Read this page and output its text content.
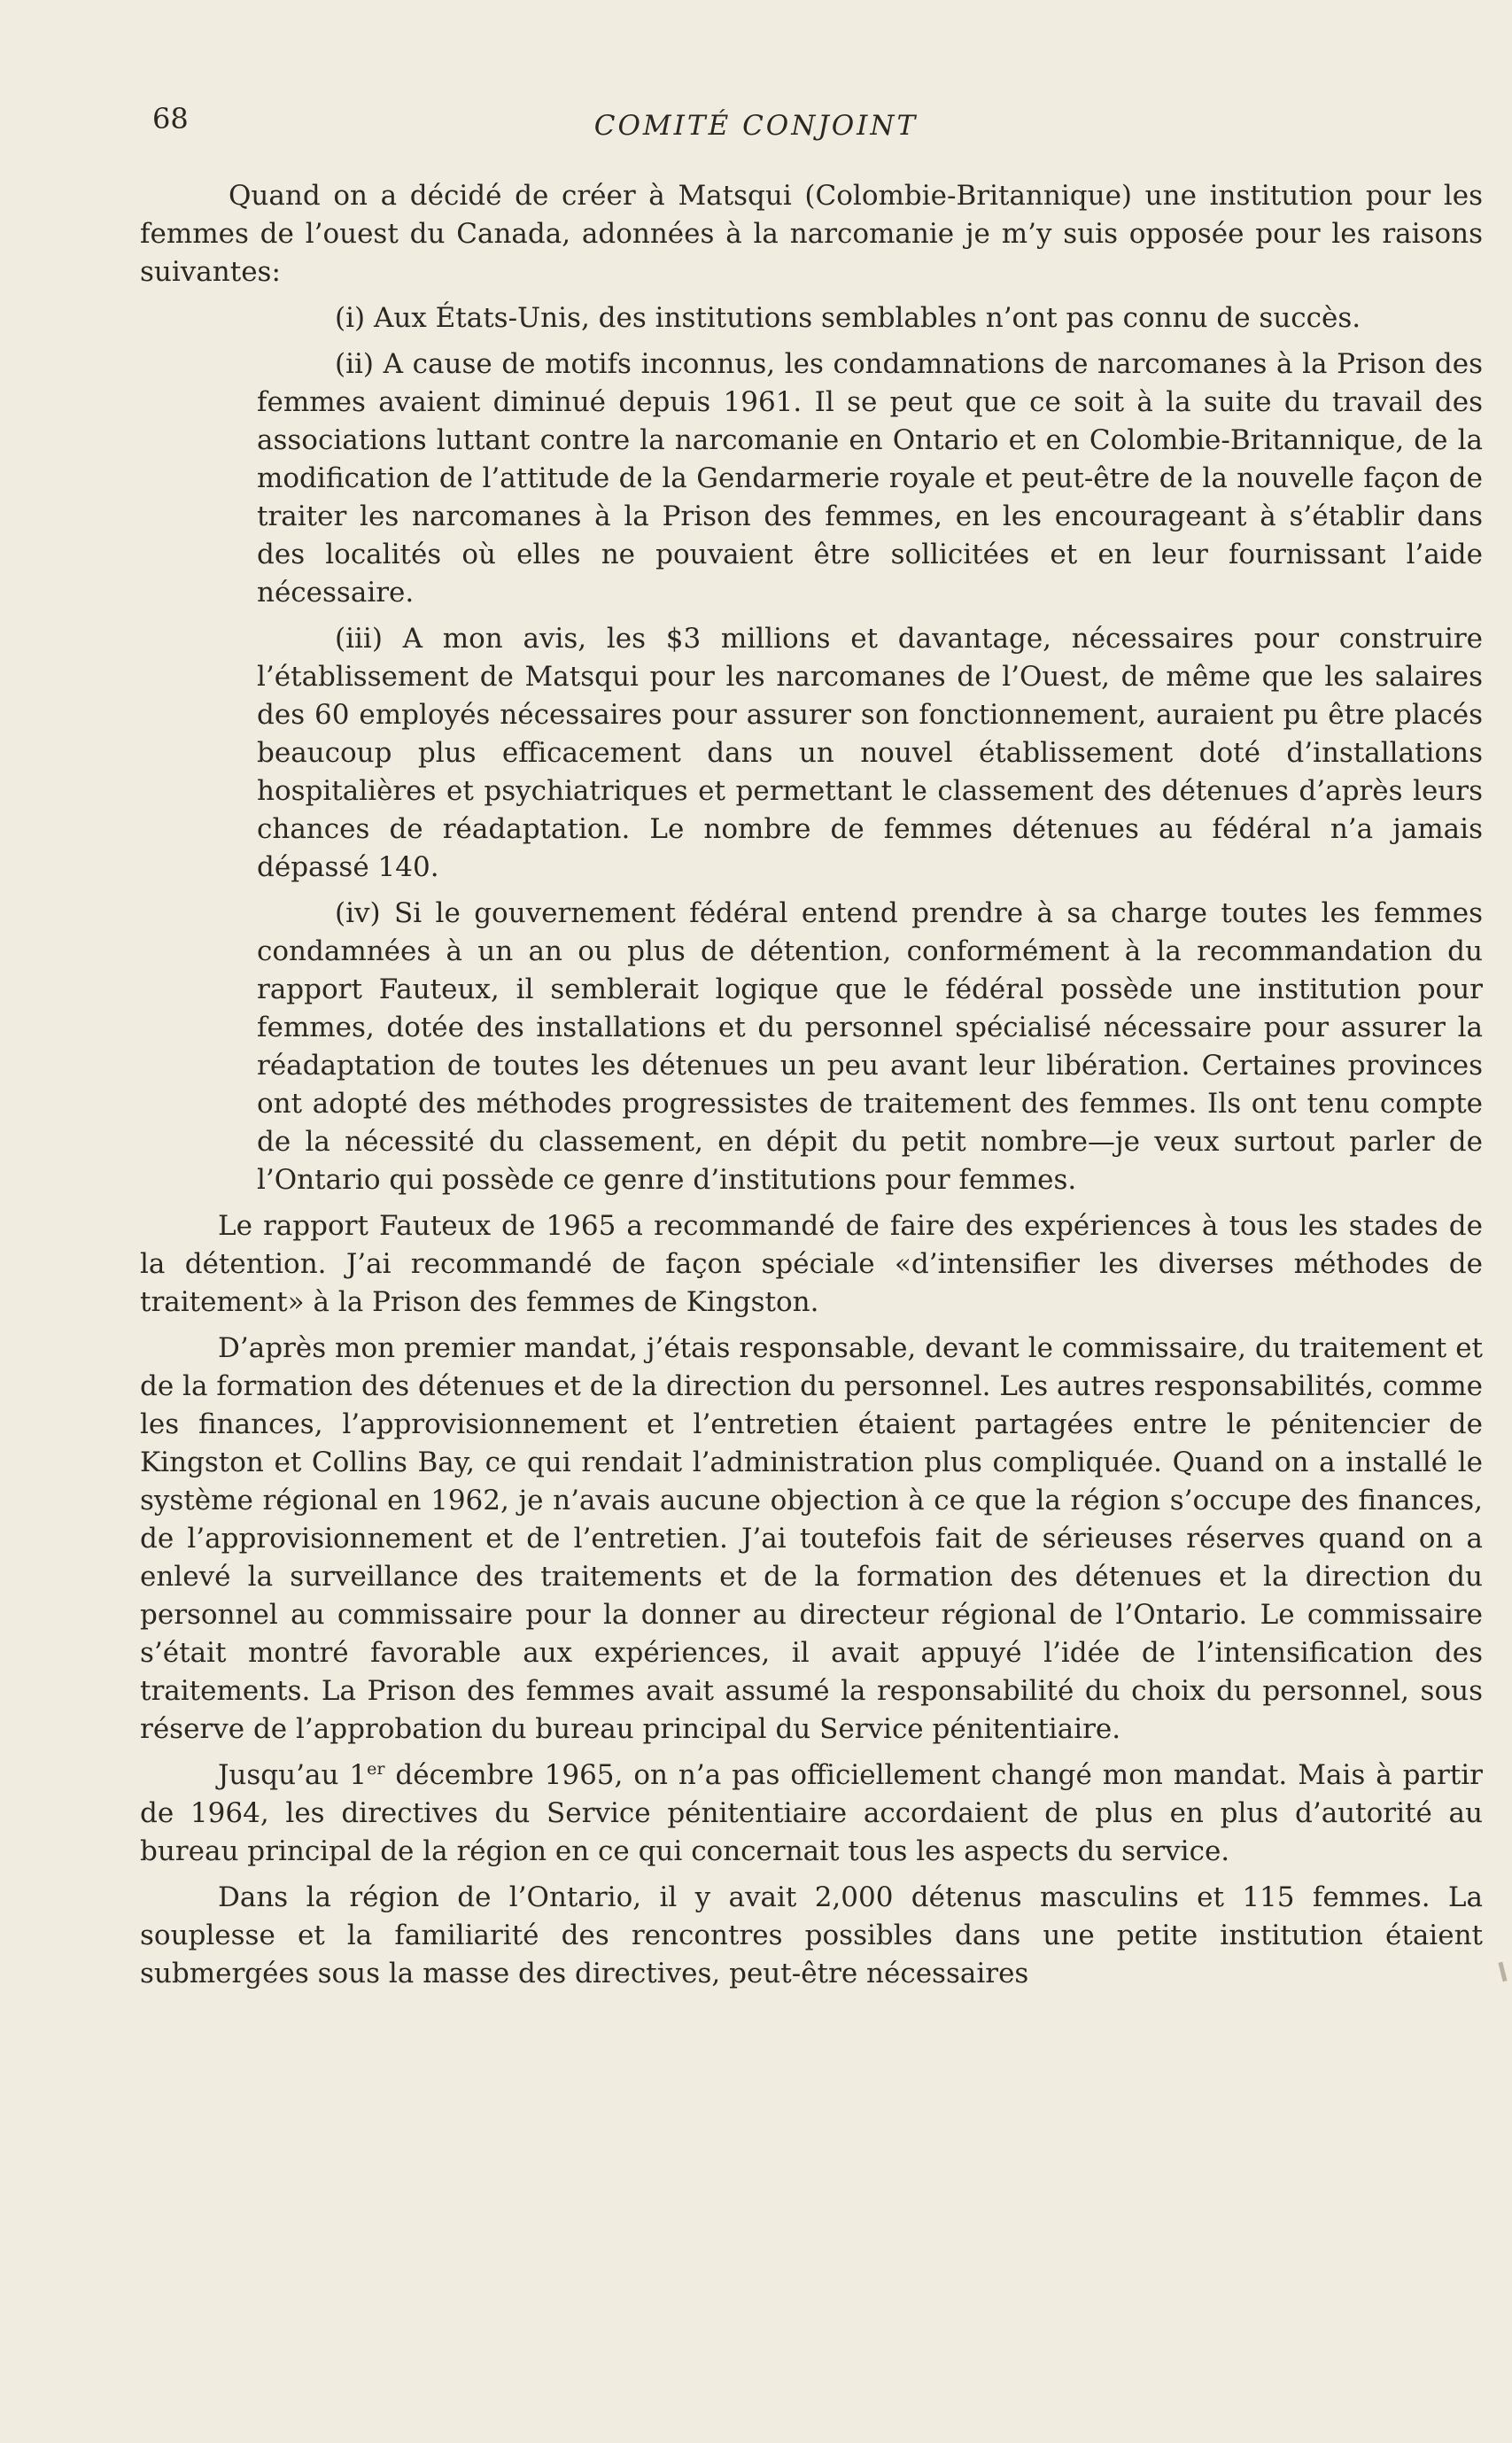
68	COMITÉ CONJOINT

Quand on a décidé de créer à Matsqui (Colombie-Britannique) une institution pour les femmes de l’ouest du Canada, adonnées à la narcomanie je m’y suis opposée pour les raisons suivantes:

(i) Aux États-Unis, des institutions semblables n’ont pas connu de succès.

(ii) A cause de motifs inconnus, les condamnations de narcomanes à la Prison des femmes avaient diminué depuis 1961. Il se peut que ce soit à la suite du travail des associations luttant contre la narcomanie en Ontario et en Colombie-Britannique, de la modification de l’attitude de la Gendarmerie royale et peut-être de la nouvelle façon de traiter les narcomanes à la Prison des femmes, en les encourageant à s’établir dans des localités où elles ne pouvaient être sollicitées et en leur fournissant l’aide nécessaire.

(iii) A mon avis, les $3 millions et davantage, nécessaires pour construire l’établissement de Matsqui pour les narcomanes de l’Ouest, de même que les salaires des 60 employés nécessaires pour assurer son fonctionnement, auraient pu être placés beaucoup plus efficacement dans un nouvel établissement doté d’installations hospitalières et psychiatriques et permettant le classement des détenues d’après leurs chances de réadaptation. Le nombre de femmes détenues au fédéral n’a jamais dépassé 140.

(iv) Si le gouvernement fédéral entend prendre à sa charge toutes les femmes condamnées à un an ou plus de détention, conformément à la recommandation du rapport Fauteux, il semblerait logique que le fédéral possède une institution pour femmes, dotée des installations et du personnel spécialisé nécessaire pour assurer la réadaptation de toutes les détenues un peu avant leur libération. Certaines provinces ont adopté des méthodes progressistes de traitement des femmes. Ils ont tenu compte de la nécessité du classement, en dépit du petit nombre—je veux surtout parler de l’Ontario qui possède ce genre d’institutions pour femmes.

Le rapport Fauteux de 1965 a recommandé de faire des expériences à tous les stades de la détention. J’ai recommandé de façon spéciale «d’intensifier les diverses méthodes de traitement» à la Prison des femmes de Kingston.

D’après mon premier mandat, j’étais responsable, devant le commissaire, du traitement et de la formation des détenues et de la direction du personnel. Les autres responsabilités, comme les finances, l’approvisionnement et l’entretien étaient partagées entre le pénitencier de Kingston et Collins Bay, ce qui rendait l’administration plus compliquée. Quand on a installé le système régional en 1962, je n’avais aucune objection à ce que la région s’occupe des finances, de l’approvisionnement et de l’entretien. J’ai toutefois fait de sérieuses réserves quand on a enlevé la surveillance des traitements et de la formation des détenues et la direction du personnel au commissaire pour la donner au directeur régional de l’Ontario. Le commissaire s’était montré favorable aux expériences, il avait appuyé l’idée de l’intensification des traitements. La Prison des femmes avait assumé la responsabilité du choix du personnel, sous réserve de l’approbation du bureau principal du Service pénitentiaire.

Jusqu’au 1er décembre 1965, on n’a pas officiellement changé mon mandat. Mais à partir de 1964, les directives du Service pénitentiaire accordaient de plus en plus d’autorité au bureau principal de la région en ce qui concernait tous les aspects du service.

Dans la région de l’Ontario, il y avait 2,000 détenus masculins et 115 femmes. La souplesse et la familiarité des rencontres possibles dans une petite institution étaient submergées sous la masse des directives, peut-être nécessaires
